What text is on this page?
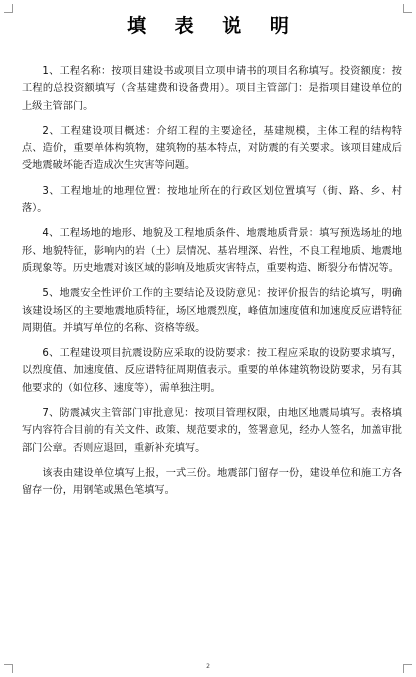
填 表 说 明

1、工程名称：按项目建设书或项目立项申请书的项目名称填写。投资额度：按工程的总投资额填写（含基建费和设备费用）。项目主管部门：是指项目建设单位的上级主管部门。

2、工程建设项目概述：介绍工程的主要途径，基建规模，主体工程的结构特点、造价，重要单体构筑物，建筑物的基本特点，对防震的有关要求。该项目建成后受地震破坏能否造成次生灾害等问题。

3、工程地址的地理位置：按地址所在的行政区划位置填写（街、路、乡、村落）。

4、工程场地的地形、地貌及工程地质条件、地震地质背景：填写预选场址的地形、地貌特征，影响内的岩（土）层情况、基岩埋深、岩性，不良工程地质、地震地质现象等。历史地震对该区域的影响及地质灾害特点，重要构造、断裂分布情况等。

5、地震安全性评价工作的主要结论及设防意见：按评价报告的结论填写，明确该建设场区的主要地震地质特征，场区地震烈度，峰值加速度值和加速度反应谱特征周期值。并填写单位的名称、资格等级。

6、工程建设项目抗震设防应采取的设防要求：按工程应采取的设防要求填写，以烈度值、加速度值、反应谱特征周期值表示。重要的单体建筑物设防要求，另有其他要求的（如位移、速度等），需单独注明。

7、防震减灾主管部门审批意见：按项目管理权限，由地区地震局填写。表格填写内容符合目前的有关文件、政策、规范要求的，签署意见，经办人签名，加盖审批部门公章。否则应退回，重新补充填写。

该表由建设单位填写上报，一式三份。地震部门留存一份，建设单位和施工方各留存一份，用钢笔或黑色笔填写。

2
